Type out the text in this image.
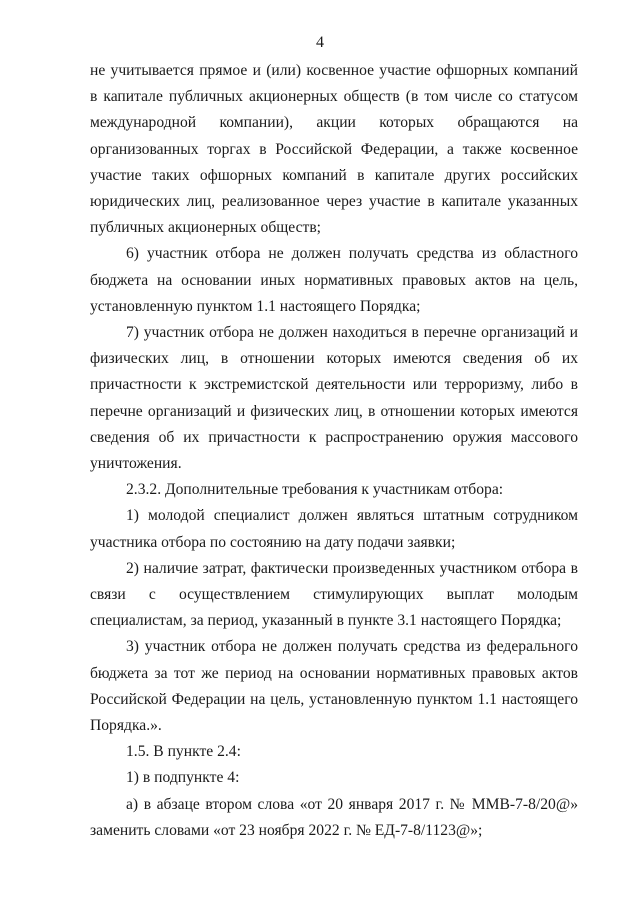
4

не учитывается прямое и (или) косвенное участие офшорных компаний в капитале публичных акционерных обществ (в том числе со статусом международной компании), акции которых обращаются на организованных торгах в Российской Федерации, а также косвенное участие таких офшорных компаний в капитале других российских юридических лиц, реализованное через участие в капитале указанных публичных акционерных обществ;

6) участник отбора не должен получать средства из областного бюджета на основании иных нормативных правовых актов на цель, установленную пунктом 1.1 настоящего Порядка;

7) участник отбора не должен находиться в перечне организаций и физических лиц, в отношении которых имеются сведения об их причастности к экстремистской деятельности или терроризму, либо в перечне организаций и физических лиц, в отношении которых имеются сведения об их причастности к распространению оружия массового уничтожения.

2.3.2. Дополнительные требования к участникам отбора:

1) молодой специалист должен являться штатным сотрудником участника отбора по состоянию на дату подачи заявки;

2) наличие затрат, фактически произведенных участником отбора в связи с осуществлением стимулирующих выплат молодым специалистам, за период, указанный в пункте 3.1 настоящего Порядка;

3) участник отбора не должен получать средства из федерального бюджета за тот же период на основании нормативных правовых актов Российской Федерации на цель, установленную пунктом 1.1 настоящего Порядка.».

1.5. В пункте 2.4:

1) в подпункте 4:

а) в абзаце втором слова «от 20 января 2017 г. № ММВ-7-8/20@» заменить словами «от 23 ноября 2022 г. № ЕД-7-8/1123@»;
